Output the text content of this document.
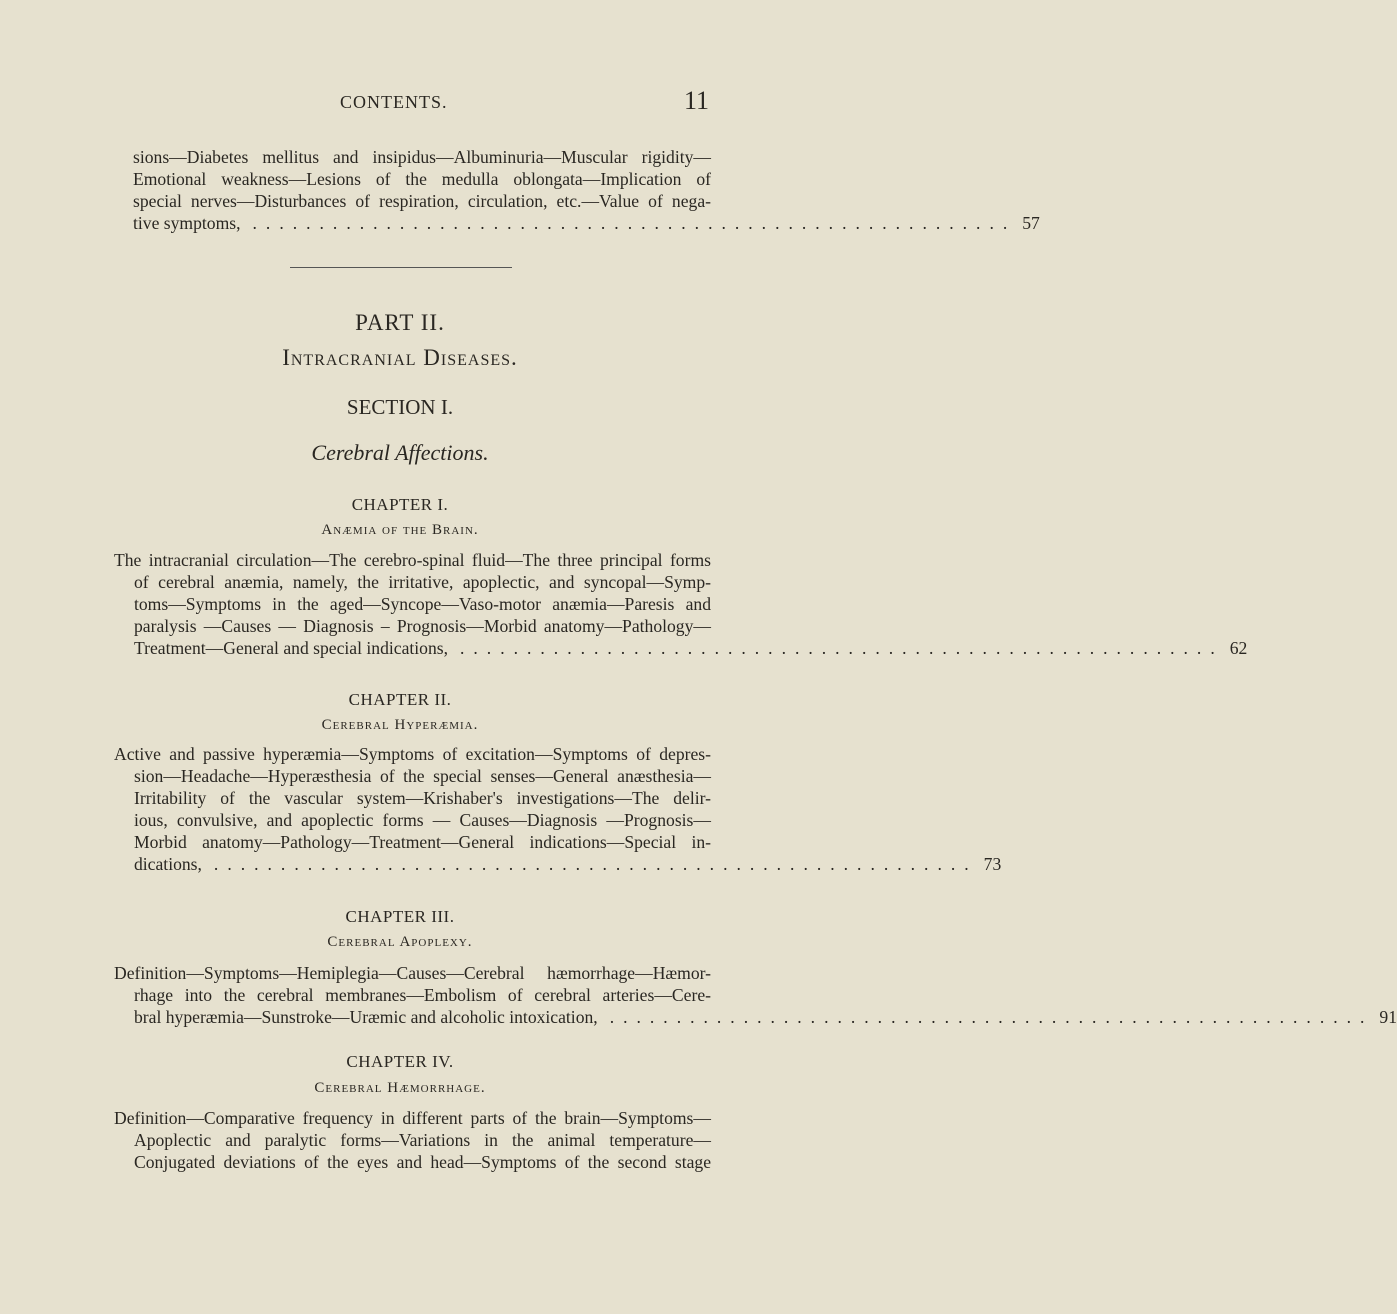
CONTENTS.	11

sions—Diabetes mellitus and insipidus—Albuminuria—Muscular rigidity—
Emotional weakness—Lesions of the medulla oblongata—Implication of
special nerves—Disturbances of respiration, circulation, etc.—Value of nega-
tive symptoms, ......................................................... 57

PART II.
Intracranial Diseases.
SECTION I.
Cerebral Affections.
CHAPTER I.
Anæmia of the Brain.

The intracranial circulation—The cerebro-spinal fluid—The three principal forms
of cerebral anæmia, namely, the irritative, apoplectic, and syncopal—Symp-
toms—Symptoms in the aged—Syncope—Vaso-motor anæmia—Paresis and
paralysis —Causes — Diagnosis – Prognosis—Morbid anatomy—Pathology—
Treatment—General and special indications, ......................................................... 62

CHAPTER II.
Cerebral Hyperæmia.

Active and passive hyperæmia—Symptoms of excitation—Symptoms of depres-
sion—Headache—Hyperæsthesia of the special senses—General anæsthesia—
Irritability of the vascular system—Krishaber's investigations—The delir-
ious, convulsive, and apoplectic forms — Causes—Diagnosis —Prognosis—
Morbid anatomy—Pathology—Treatment—General indications—Special in-
dications, ......................................................... 73

CHAPTER III.
Cerebral Apoplexy.

Definition—Symptoms—Hemiplegia—Causes—Cerebral hæmorrhage—Hæmor-
rhage into the cerebral membranes—Embolism of cerebral arteries—Cere-
bral hyperæmia—Sunstroke—Uræmic and alcoholic intoxication, ......................................................... 91

CHAPTER IV.
Cerebral Hæmorrhage.

Definition—Comparative frequency in different parts of the brain—Symptoms—
Apoplectic and paralytic forms—Variations in the animal temperature—
Conjugated deviations of the eyes and head—Symptoms of the second stage
